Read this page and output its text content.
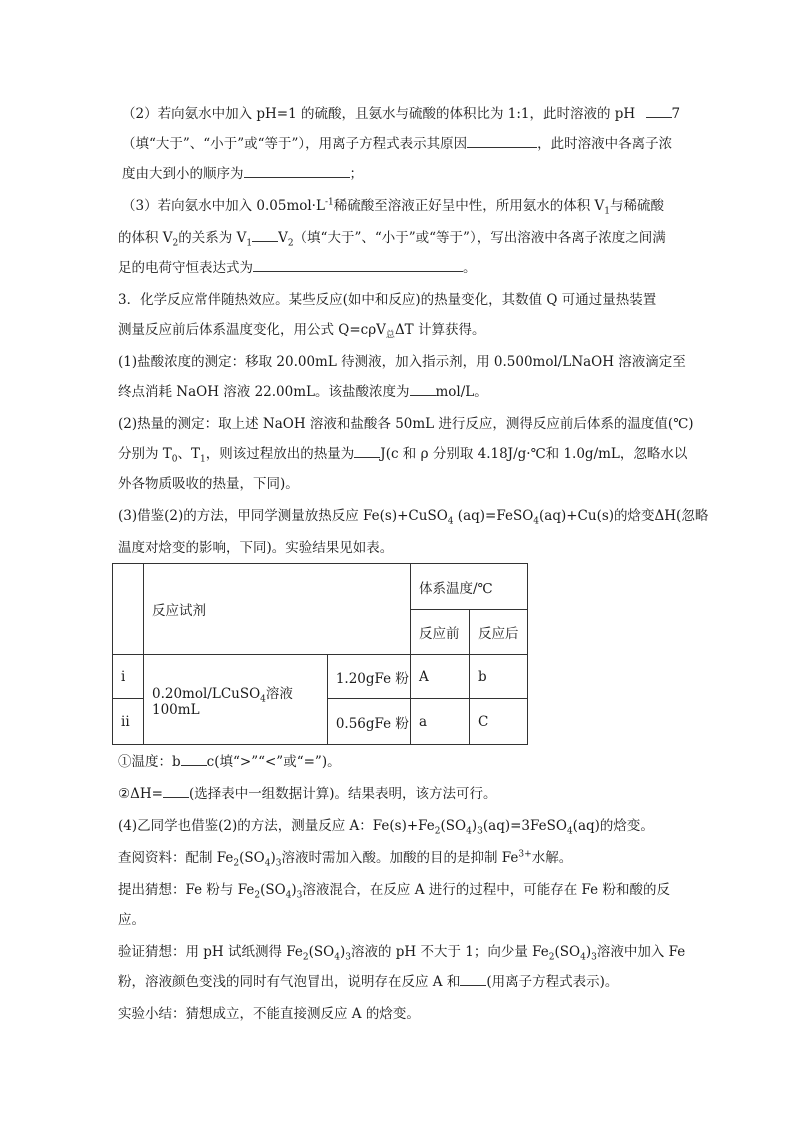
（2）若向氨水中加入 pH=1 的硫酸，且氨水与硫酸的体积比为 1:1，此时溶液的 pH	7
（填“大于”、“小于”或“等于”），用离子方程式表示其原因	，此时溶液中各离子浓
度由大到小的顺序为	；
（3）若向氨水中加入 $0.05mol\cdot L^{-1}$稀硫酸至溶液正好呈中性，所用氨水的体积 $V_1$与稀硫酸
的体积 $V_2$的关系为 $V_1$ $V_2$（填“大于”、“小于”或“等于”），写出溶液中各离子浓度之间满
足的电荷守恒表达式为	。
3．化学反应常伴随热效应。某些反应(如中和反应)的热量变化，其数值 Q 可通过量热装置
测量反应前后体系温度变化，用公式 Q=cρV$_总$ΔT 计算获得。
(1)盐酸浓度的测定：移取 20.00mL 待测液，加入指示剂，用 0.500mol/LNaOH 溶液滴定至
终点消耗 NaOH 溶液 22.00mL。该盐酸浓度为 mol/L。
(2)热量的测定：取上述 NaOH 溶液和盐酸各 50mL 进行反应，测得反应前后体系的温度值(℃)
分别为 $T_0$、$T_1$，则该过程放出的热量为 J(c 和 ρ 分别取 4.18J/g·℃和 1.0g/mL，忽略水以
外各物质吸收的热量，下同)。
(3)借鉴(2)的方法，甲同学测量放热反应 Fe(s)+CuSO$_4$ (aq)=FeSO$_4$(aq)+Cu(s)的焓变ΔH(忽略
温度对焓变的影响，下同)。实验结果见如表。
	反应试剂		体系温度/℃	
			反应前	反应后
i	0.20mol/LCuSO$_4$溶液 100mL	1.20gFe 粉	A	b
ii		0.56gFe 粉	a	C
①温度：b c(填“>”“<”或“=”)。
②ΔH= (选择表中一组数据计算)。结果表明，该方法可行。
(4)乙同学也借鉴(2)的方法，测量反应 A：$Fe(s)+Fe_2(SO_4)_3(aq)=3FeSO_4(aq)$的焓变。
查阅资料：配制 $Fe_2(SO_4)_3$溶液时需加入酸。加酸的目的是抑制 $Fe^{3+}$水解。
提出猜想：Fe 粉与 $Fe_2(SO_4)_3$溶液混合，在反应 A 进行的过程中，可能存在 Fe 粉和酸的反
应。
验证猜想：用 pH 试纸测得 $Fe_2(SO_4)_3$溶液的 pH 不大于 1；向少量 $Fe_2(SO_4)_3$溶液中加入 Fe
粉，溶液颜色变浅的同时有气泡冒出，说明存在反应 A 和 (用离子方程式表示)。
实验小结：猜想成立，不能直接测反应 A 的焓变。
